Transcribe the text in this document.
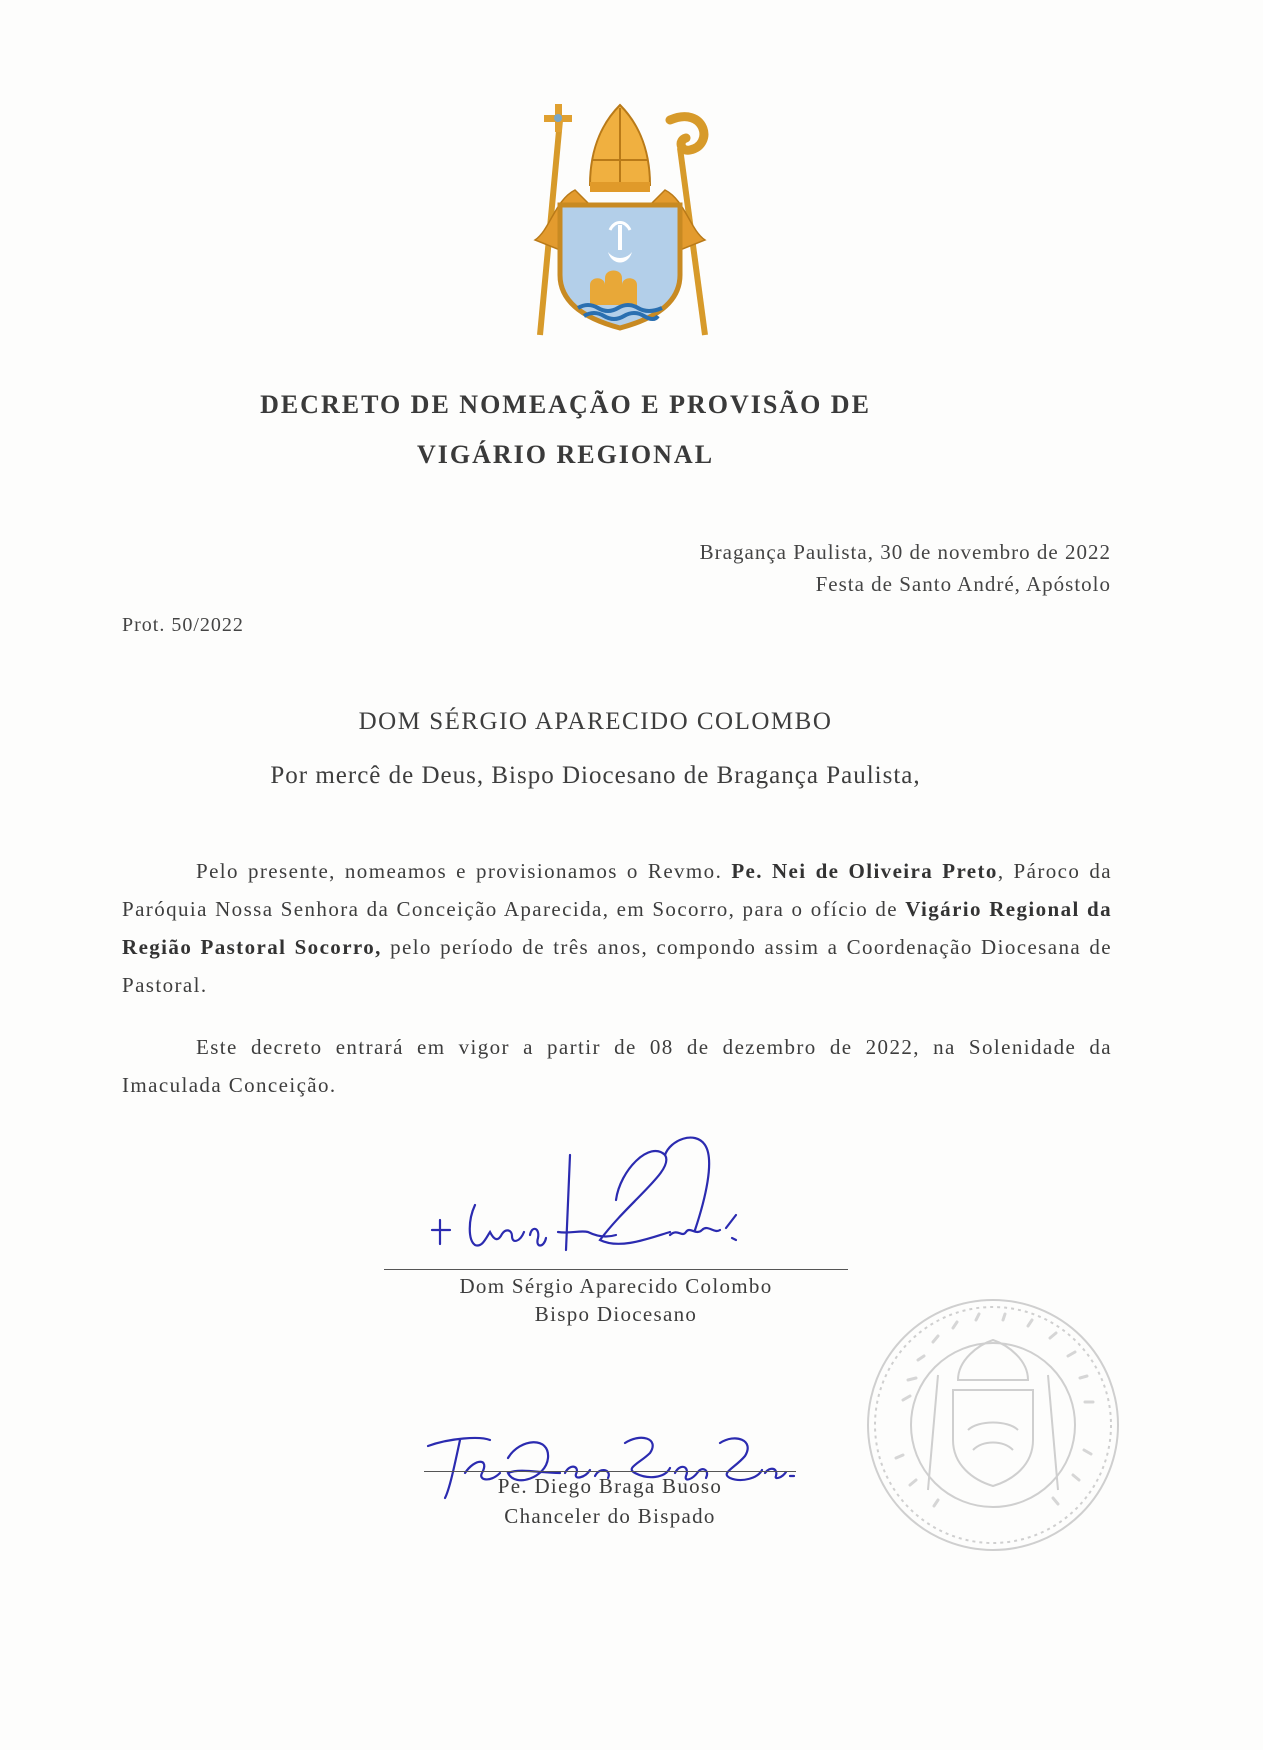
DECRETO DE NOMEAÇÃO E PROVISÃO DE
VIGÁRIO REGIONAL
Bragança Paulista, 30 de novembro de 2022
Festa de Santo André, Apóstolo
Prot. 50/2022
DOM SÉRGIO APARECIDO COLOMBO
Por mercê de Deus, Bispo Diocesano de Bragança Paulista,
Pelo presente, nomeamos e provisionamos o Revmo. Pe. Nei de Oliveira Preto, Pároco da Paróquia Nossa Senhora da Conceição Aparecida, em Socorro, para o ofício de Vigário Regional da Região Pastoral Socorro, pelo período de três anos, compondo assim a Coordenação Diocesana de Pastoral.
Este decreto entrará em vigor a partir de 08 de dezembro de 2022, na Solenidade da Imaculada Conceição.
Dom Sérgio Aparecido Colombo
Bispo Diocesano
Pe. Diego Braga Buoso
Chanceler do Bispado
